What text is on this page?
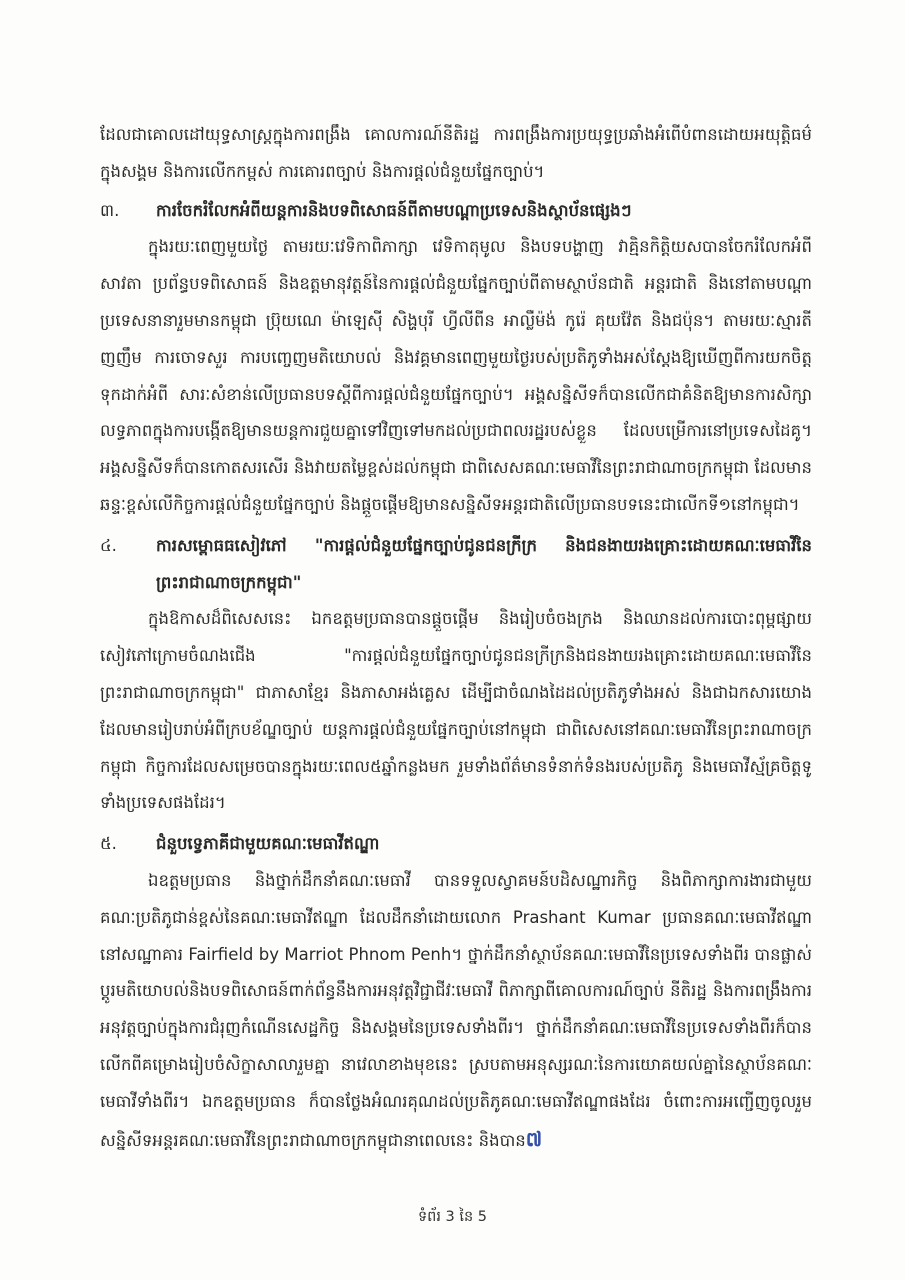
ដែលជាគោលដៅយុទ្ធសាស្ត្រក្នុងការពង្រឹង គោលការណ៍នីតិរដ្ឋ ការពង្រឹងការប្រយុទ្ធប្រឆាំងអំពើបំពានដោយអយុត្តិធម៌ក្នុងសង្គម និងការលើកកម្ពស់ ការគោរពច្បាប់ និងការផ្ដល់ជំនួយផ្នែកច្បាប់។

៣.	ការចែករំលែកអំពីយន្តការនិងបទពិសោធន៍ពីតាមបណ្ដាប្រទេសនិងស្ថាប័នផ្សេងៗ

ក្នុងរយៈពេញមួយថ្ងៃ តាមរយៈវេទិកាពិភាក្សា វេទិកាតុមូល និងបទបង្ហាញ វាគ្មិនកិត្តិយសបានចែករំលែកអំពីសាវតា ប្រព័ន្ធបទពិសោធន៍ និងឧត្តមានុវត្តន៍នៃការផ្ដល់ជំនួយផ្នែកច្បាប់ពីតាមស្ថាប័នជាតិ អន្តរជាតិ និងនៅតាមបណ្ដាប្រទេសនានារួមមានកម្ពុជា ប្រ៊ុយណេ ម៉ាឡេស៊ី សិង្ហបុរី ហ្វីលីពីន អាល្លឺម៉ង់ កូរ៉េ គុយវ៉ែត និងជប៉ុន។ តាមរយៈស្មារតីញញឹម ការចោទសួរ ការបញ្ចេញមតិយោបល់ និងវគ្គមានពេញមួយថ្ងៃរបស់ប្រតិភូទាំងអស់ស្ដែងឱ្យឃើញពីការយកចិត្តទុកដាក់អំពី សារៈសំខាន់លើប្រធានបទស្ដីពីការផ្ដល់ជំនួយផ្នែកច្បាប់។ អង្គសន្និសីទក៏បានលើកជាគំនិតឱ្យមានការសិក្សាលទ្ធភាពក្នុងការបង្កើតឱ្យមានយន្តការជួយគ្នាទៅវិញទៅមកដល់ប្រជាពលរដ្ឋរបស់ខ្លួន ដែលបម្រើការនៅប្រទេសដៃគូ។ អង្គសន្និសីទក៏បានកោតសរសើរ និងវាយតម្លៃខ្ពស់ដល់កម្ពុជា ជាពិសេសគណៈមេធាវីនៃព្រះរាជាណាចក្រកម្ពុជា ដែលមានឆន្ទៈខ្ពស់លើកិច្ចការផ្ដល់ជំនួយផ្នែកច្បាប់ និងផ្ដួចផ្ដើមឱ្យមានសន្និសីទអន្តរជាតិលើប្រធានបទនេះជាលើកទី១នៅកម្ពុជា។

៤.	ការសម្ពោធធសៀវភៅ "ការផ្ដល់ជំនួយផ្នែកច្បាប់ជូនជនក្រីក្រ និងជនងាយរងគ្រោះដោយគណៈមេធាវីនៃព្រះរាជាណាចក្រកម្ពុជា"

ក្នុងឱកាសដ៏ពិសេសនេះ ឯកឧត្តមប្រធានបានផ្ដួចផ្ដើម និងរៀបចំចងក្រង និងឈានដល់ការបោះពុម្ពផ្សាយសៀវភៅក្រោមចំណងជើង "ការផ្ដល់ជំនួយផ្នែកច្បាប់ជូនជនក្រីក្រនិងជនងាយរងគ្រោះដោយគណៈមេធាវីនៃព្រះរាជាណាចក្រកម្ពុជា" ជាភាសាខ្មែរ និងភាសាអង់គ្លេស ដើម្បីជាចំណងដៃដល់ប្រតិភូទាំងអស់ និងជាឯកសារយោងដែលមានរៀបរាប់អំពីក្របខ័ណ្ឌច្បាប់ យន្តការផ្ដល់ជំនួយផ្នែកច្បាប់នៅកម្ពុជា ជាពិសេសនៅគណៈមេធាវីនៃព្រះរាណាចក្រកម្ពុជា កិច្ចការដែលសម្រេចបានក្នុងរយៈពេល៥ឆ្នាំកន្លងមក រួមទាំងព័ត៌មានទំនាក់ទំនងរបស់ប្រតិភូ និងមេធាវីស្ម័គ្រចិត្តទូទាំងប្រទេសផងដែរ។

៥.	ជំនួបទ្វេភាគីជាមួយគណៈមេធាវីឥណ្ឌា

ឯឧត្តមប្រធាន និងថ្នាក់ដឹកនាំគណៈមេធាវី បានទទួលស្វាគមន៍បដិសណ្ឋារកិច្ច និងពិភាក្សាការងារជាមួយគណៈប្រតិភូជាន់ខ្ពស់នៃគណៈមេធាវីឥណ្ឌា ដែលដឹកនាំដោយលោក Prashant Kumar ប្រធានគណៈមេធាវីឥណ្ឌា នៅសណ្ឋាគារ Fairfield by Marriot Phnom Penh។ ថ្នាក់ដឹកនាំស្ថាប័នគណៈមេធាវីនៃប្រទេសទាំងពីរ បានផ្លាស់ប្ដូរមតិយោបល់និងបទពិសោធន៍ពាក់ព័ន្ធនឹងការអនុវត្តវិជ្ជាជីវៈមេធាវី ពិភាក្សាពីគោលការណ៍ច្បាប់ នីតិរដ្ឋ និងការពង្រឹងការអនុវត្តច្បាប់ក្នុងការជំរុញកំណើនសេដ្ឋកិច្ច និងសង្គមនៃប្រទេសទាំងពីរ។ ថ្នាក់ដឹកនាំគណៈមេធាវីនៃប្រទេសទាំងពីរក៏បានលើកពីគម្រោងរៀបចំសិក្ខាសាលារួមគ្នា នាវេលាខាងមុខនេះ ស្របតាមអនុស្សរណៈនៃការយោគយល់គ្នានៃស្ថាប័នគណៈមេធាវីទាំងពីរ។ ឯកឧត្តមប្រធាន ក៏បានថ្លែងអំណរគុណដល់ប្រតិភូគណៈមេធាវីឥណ្ឌាផងដែរ ចំពោះការអញ្ជើញចូលរួមសន្និសីទអន្តរគណៈមេធាវីនៃព្រះរាជាណាចក្រកម្ពុជានាពេលនេះ និងបាន៧

ទំព័រ 3 នៃ 5
